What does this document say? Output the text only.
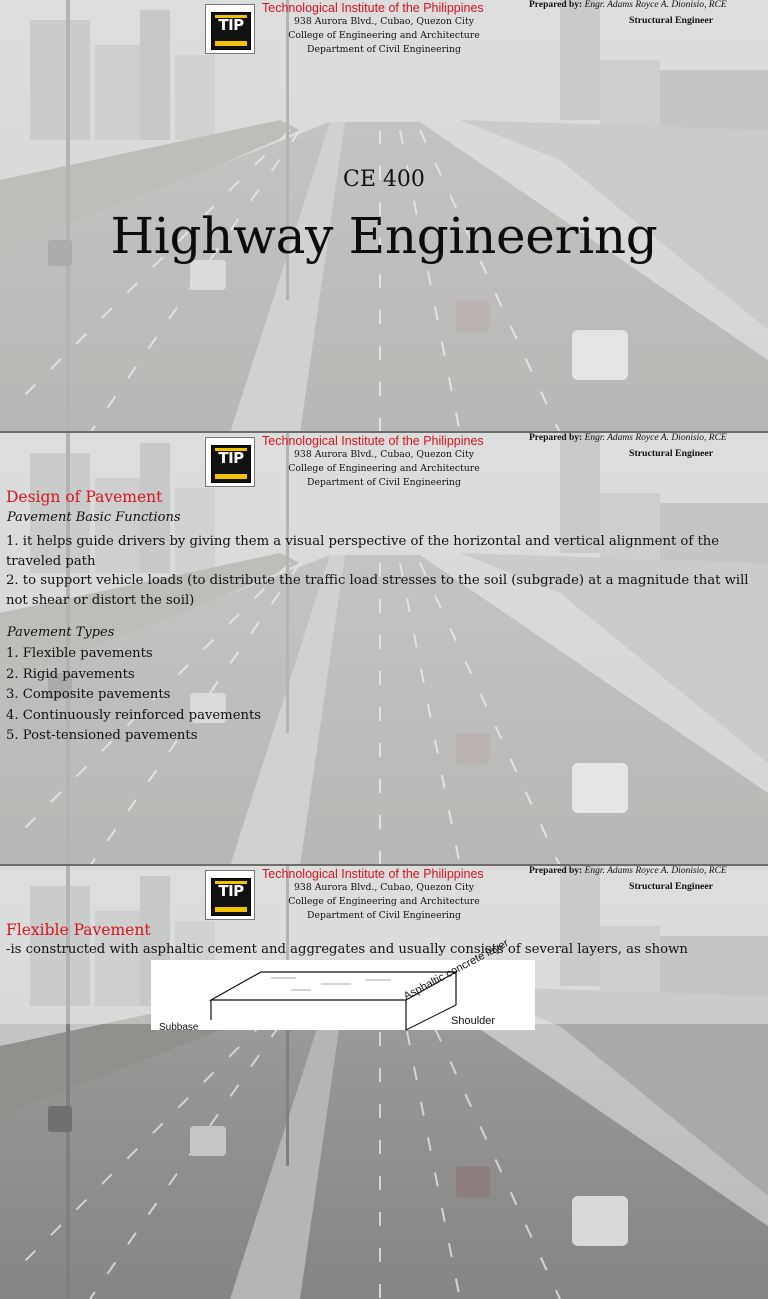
TIP
Technological Institute of the Philippines
938 Aurora Blvd., Cubao, Quezon City
College of Engineering and Architecture
Department of Civil Engineering
Prepared by: Engr. Adams Royce A. Dionisio, RCE
Structural Engineer
CE 400
Highway Engineering
TIP
Technological Institute of the Philippines
938 Aurora Blvd., Cubao, Quezon City
College of Engineering and Architecture
Department of Civil Engineering
Prepared by: Engr. Adams Royce A. Dionisio, RCE
Structural Engineer
Design of Pavement
Pavement Basic Functions
1. it helps guide drivers by giving them a visual perspective of the horizontal and vertical alignment of the traveled path
2. to support vehicle loads (to distribute the traffic load stresses to the soil (subgrade) at a magnitude that will not shear or distort the soil)
Pavement Types
1. Flexible pavements
2. Rigid pavements
3. Composite pavements
4. Continuously reinforced pavements
5. Post-tensioned pavements
TIP
Technological Institute of the Philippines
938 Aurora Blvd., Cubao, Quezon City
College of Engineering and Architecture
Department of Civil Engineering
Prepared by: Engr. Adams Royce A. Dionisio, RCE
Structural Engineer
Flexible Pavement
-is constructed with asphaltic cement and aggregates and usually consists of several layers, as shown
Asphaltic concrete layer
Shoulder
Subbase
